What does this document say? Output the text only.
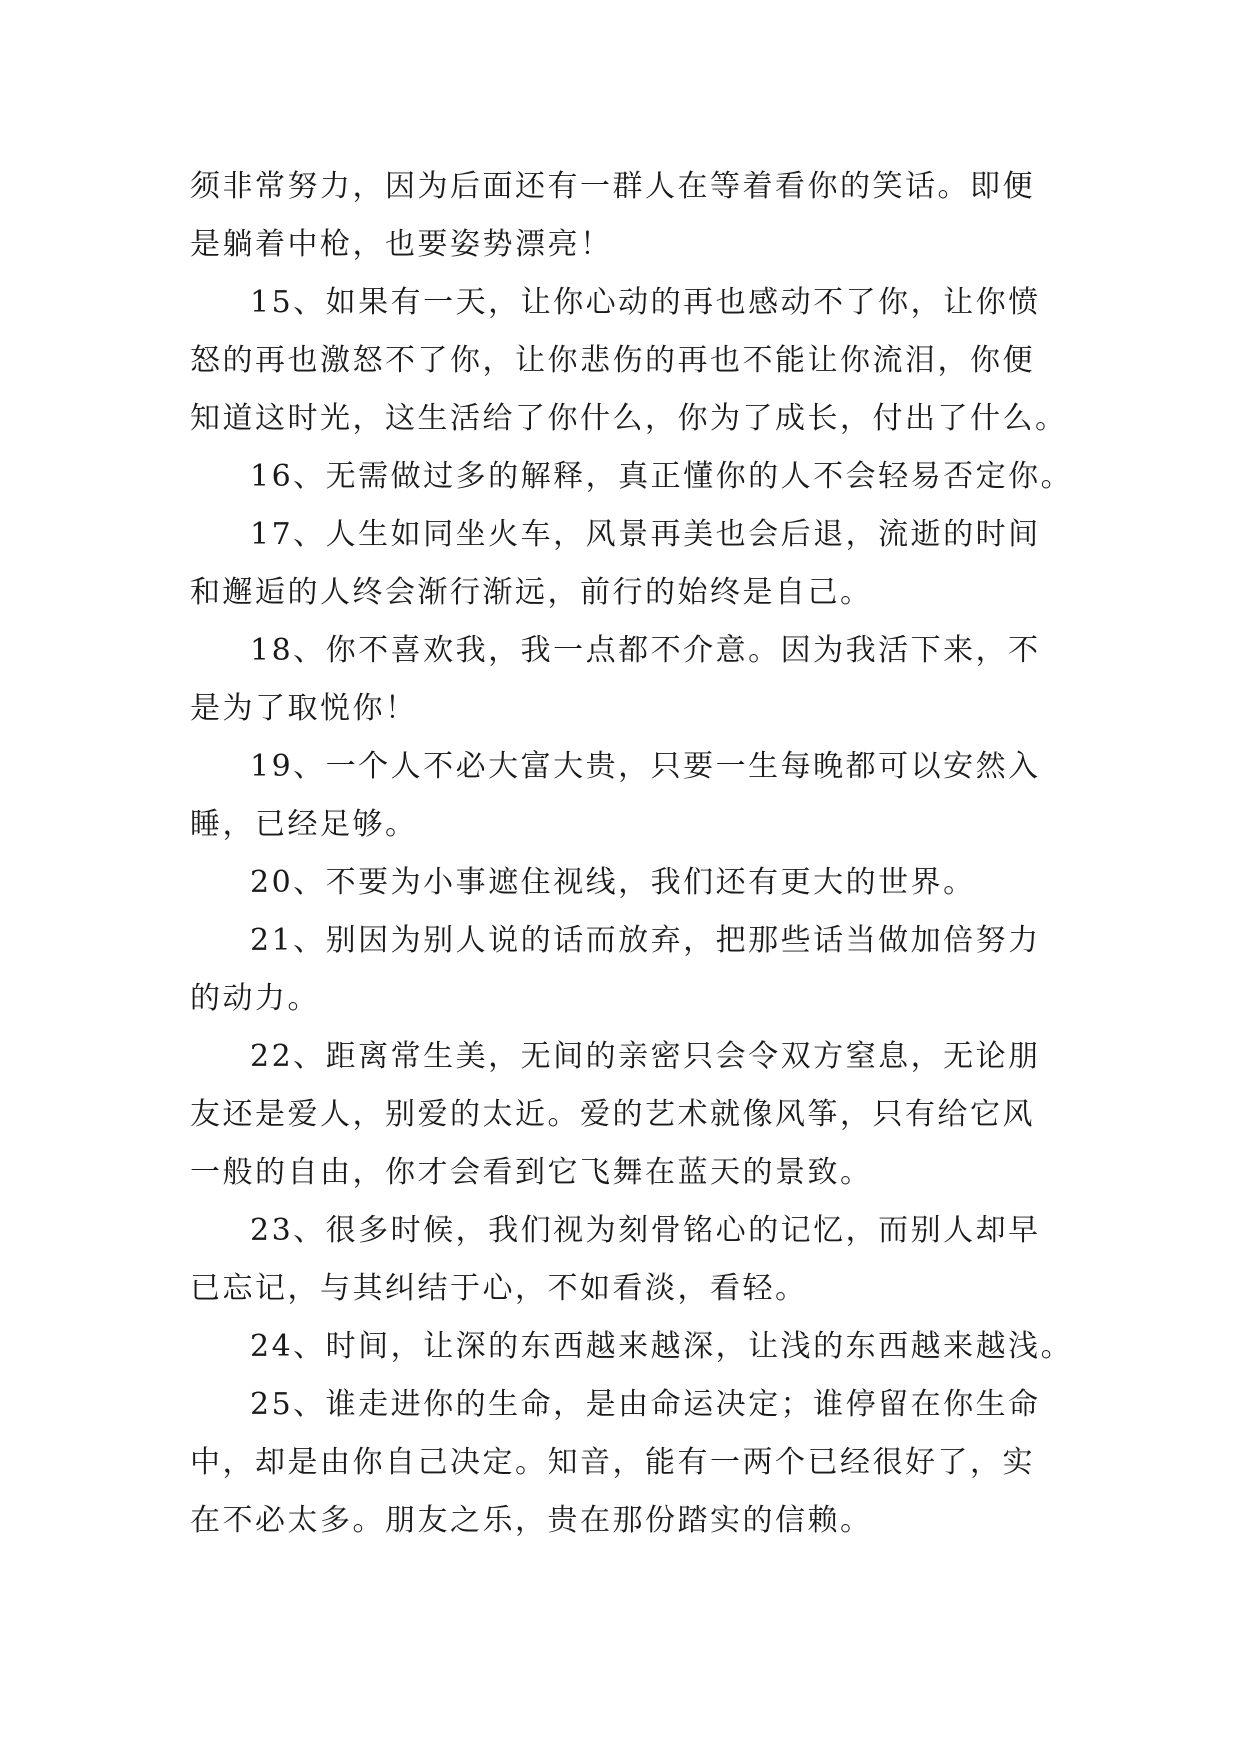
须非常努力，因为后面还有一群人在等着看你的笑话。即便
是躺着中枪，也要姿势漂亮！
15、如果有一天，让你心动的再也感动不了你，让你愤
怒的再也激怒不了你，让你悲伤的再也不能让你流泪，你便
知道这时光，这生活给了你什么，你为了成长，付出了什么。
16、无需做过多的解释，真正懂你的人不会轻易否定你。
17、人生如同坐火车，风景再美也会后退，流逝的时间
和邂逅的人终会渐行渐远，前行的始终是自己。
18、你不喜欢我，我一点都不介意。因为我活下来，不
是为了取悦你！
19、一个人不必大富大贵，只要一生每晚都可以安然入
睡，已经足够。
20、不要为小事遮住视线，我们还有更大的世界。
21、别因为别人说的话而放弃，把那些话当做加倍努力
的动力。
22、距离常生美，无间的亲密只会令双方窒息，无论朋
友还是爱人，别爱的太近。爱的艺术就像风筝，只有给它风
一般的自由，你才会看到它飞舞在蓝天的景致。
23、很多时候，我们视为刻骨铭心的记忆，而别人却早
已忘记，与其纠结于心，不如看淡，看轻。
24、时间，让深的东西越来越深，让浅的东西越来越浅。
25、谁走进你的生命，是由命运决定；谁停留在你生命
中，却是由你自己决定。知音，能有一两个已经很好了，实
在不必太多。朋友之乐，贵在那份踏实的信赖。
